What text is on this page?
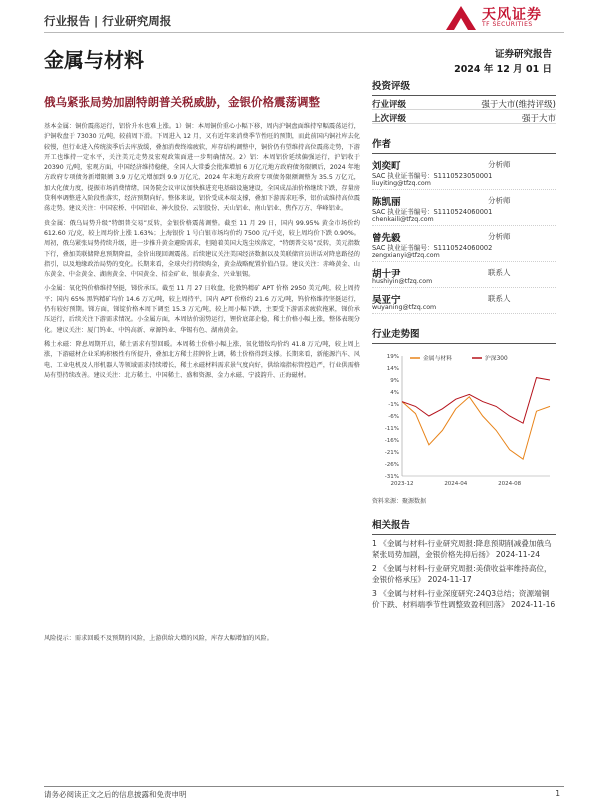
行业报告 | 行业研究周报	天风证券
TF SECURITIES
金属与材料	证券研究报告
2024 年 12 月 01 日
俄乌紧张局势加剧特朗普关税威胁，金银价格震荡调整

基本金属：铜价震荡运行，铝价升水也难上涨。1）铜：本周铜价重心小幅下移，周内沪铜盘面维持窄幅震荡运行，沪铜收盘于 73030 元/吨，较前周下滑。下周进入 12 月，又有近年来消费季节性旺的预期，而此前国内铜社库去化较慢，但行业进入传统淡季后去库放缓，叠加消费终端疲软，库存结构调整中，铜价仍有望维持高位震荡走势，下游开工也维持一定水平，关注美元走势及宏观政策面进一步明确情况。2）铝：本周铝价延续偏强运行，沪铝收于 20390 元/吨，宏观方面，中国经济维持稳健，全国人大常委会批准增加 6 万亿元地方政府债务限额后，2024 年地方政府专项债务新增限额 3.9 万亿元增加到 9.9 万亿元，2024 年末地方政府专项债务限额调整为 35.5 万亿元，加大化债力度，提振市场消费情绪，国务院会议审议加快推进充电基础设施建设，全国成品油价格继续下跌，存量房贷利率调整进入阶段性落实，经济预期向好。整体来说，铝价受成本端支撑，叠加下游需求旺季，铝价或维持高位震荡走势。建议关注：中国宏桥、中国铝业、神火股份、云铝股份、天山铝业、南山铝业、焦作万方、华峰铝业。

贵金属：俄乌局势升级“特朗普交易”反转，金银价格震荡调整。截至 11 月 29 日，国内 99.95% 黄金市场价约 612.60 元/克，较上周均价上涨 1.63%；上海银价 1 号白银市场均价约 7500 元/千克，较上周均价下跌 0.90%。周初，俄乌紧张局势持续升级，进一步推升黄金避险需求，但随着美国大选尘埃落定，“特朗普交易”反转，美元指数下行，叠加美联储降息预期降温，金价出现回调震荡。后续建议关注美国经济数据以及美联储官员讲话对降息路径的指引，以及地缘政治局势的变化。长期来看，全球央行持续购金，黄金战略配置价值凸显。建议关注：赤峰黄金、山东黄金、中金黄金、湖南黄金、中国黄金、招金矿业、银泰黄金、兴业银锡。

小金属：氧化钨价格维持坚挺，锑价承压。截至 11 月 27 日收盘，伦敦钨精矿 APT 价格 2950 美元/吨，较上周持平；国内 65% 黑钨精矿均价 14.6 万元/吨，较上周持平，国内 APT 价格约 21.6 万元/吨，钨价格维持坚挺运行，仍有较好预期。锑方面，锑锭价格本周下调至 15.3 万元/吨，较上周小幅下跌，主要受下游需求疲软拖累，锑价承压运行，后续关注下游需求情况。小金属方面，本周钴价弱势运行，锂价底部企稳，稀土价格小幅上涨，整体表现分化。建议关注：厦门钨业、中钨高新、章源钨业、华锡有色、湖南黄金。

稀土永磁：降息周期开启，稀土需求有望回暖。本周稀土价格小幅上涨，氧化镨钕均价约 41.8 万元/吨，较上周上涨，下游磁材企业采购积极性有所提升，叠加北方稀土挂牌价上调，稀土价格得到支撑。长期来看，新能源汽车、风电、工业电机及人形机器人等领域需求持续增长，稀土永磁材料需求景气度向好，供给端指标管控趋严，行业供需格局有望持续改善。建议关注：北方稀土、中国稀土、盛和资源、金力永磁、宁波韵升、正海磁材。

风险提示：需求回暖不及预期的风险，上游供给大增的风险，库存大幅增加的风险。
投资评级
行业评级	强于大市(维持评级)
上次评级	强于大市
作者
刘奕町	分析师
SAC 执业证书编号：S1110523050001
liuyiting@tfzq.com
陈凯丽	分析师
SAC 执业证书编号：S1110524060001
chenkaili@tfzq.com
曾先毅	分析师
SAC 执业证书编号：S1110524060002
zengxianyi@tfzq.com
胡十尹	联系人
hushiyin@tfzq.com
吴亚宁	联系人
wuyaning@tfzq.com
行业走势图
19%
14%
9%
4%
-1%
-6%
-11%
-16%
-21%
-26%
-31%
2023-12	2024-04	2024-08
金属与材料	沪深300
资料来源：聚源数据
相关报告
1 《金属与材料-行业研究周报:降息预期削减叠加俄乌紧张局势加剧，金银价格先抑后扬》 2024-11-24
2 《金属与材料-行业研究周报:美债收益率维持高位，金银价格承压》 2024-11-17
3 《金属与材料-行业深度研究:24Q3总结；资源端铜价下跌、材料端季节性调整致盈利回落》 2024-11-16
请务必阅读正文之后的信息披露和免责申明	1
